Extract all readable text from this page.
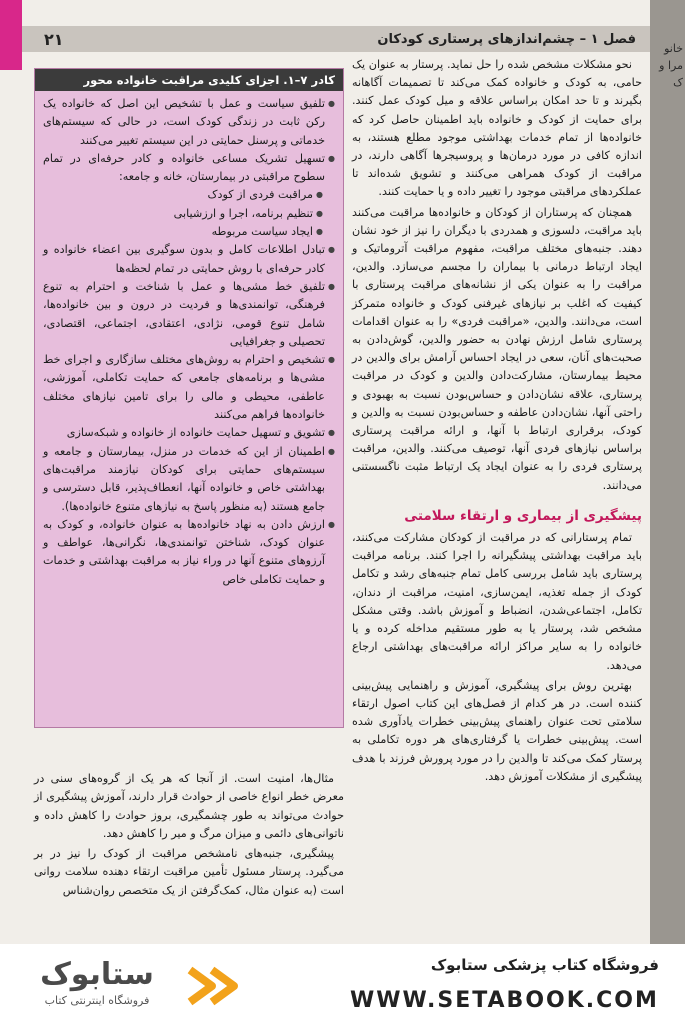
فصل ۱ – چشم‌اندازهای پرستاری کودکان
۲۱	خانو مرا و ک

نحو مشکلات مشخص شده را حل نماید. پرستار به عنوان یک حامی، به کودک و خانواده کمک می‌کند تا تصمیمات آگاهانه بگیرند و تا حد امکان براساس علاقه و میل کودک عمل کنند. برای حمایت از کودک و خانواده باید اطمینان حاصل کرد که خانواده‌ها از تمام خدمات بهداشتی موجود مطلع هستند، به اندازه کافی در مورد درمان‌ها و پروسیجرها آگاهی دارند، در مراقبت از کودک همراهی می‌کنند و تشویق شده‌اند تا عملکردهای مراقبتی موجود را تغییر داده و یا حمایت کنند.

همچنان که پرستاران از کودکان و خانواده‌ها مراقبت می‌کنند باید مراقبت، دلسوزی و همدردی با دیگران را نیز از خود نشان دهند. جنبه‌های مختلف مراقبت، مفهوم مراقبت آتروماتیک و ایجاد ارتباط درمانی با بیماران را مجسم می‌سازد. والدین، مراقبت را به عنوان یکی از نشانه‌های مراقبت پرستاری با کیفیت که اغلب بر نیازهای غیرفنی کودک و خانواده متمرکز است، می‌دانند. والدین، «مراقبت فردی» را به عنوان اقدامات پرستاری شامل ارزش نهادن به حضور والدین، گوش‌دادن به صحبت‌های آنان، سعی در ایجاد احساس آرامش برای والدین در محیط بیمارستان، مشارکت‌دادن والدین و کودک در مراقبت پرستاری، علاقه نشان‌دادن و حساس‌بودن نسبت به بهبودی و راحتی آنها، نشان‌دادن عاطفه و حساس‌بودن نسبت به والدین و کودک، برقراری ارتباط با آنها، و ارائه مراقبت پرستاری براساس نیازهای فردی آنها، توصیف می‌کنند. والدین، مراقبت پرستاری فردی را به عنوان ایجاد یک ارتباط مثبت ناگسستنی می‌دانند.

پیشگیری از بیماری و ارتقاء سلامتی

تمام پرستارانی که در مراقبت از کودکان مشارکت می‌کنند، باید مراقبت بهداشتی پیشگیرانه را اجرا کنند. برنامه مراقبت پرستاری باید شامل بررسی کامل تمام جنبه‌های رشد و تکامل کودک از جمله تغذیه، ایمن‌سازی، امنیت، مراقبت از دندان، تکامل، اجتماعی‌شدن، انضباط و آموزش باشد. وقتی مشکل مشخص شد، پرستار یا به طور مستقیم مداخله کرده و یا خانواده را به سایر مراکز ارائه مراقبت‌های بهداشتی ارجاع می‌دهد.

بهترین روش برای پیشگیری، آموزش و راهنمایی پیش‌بینی کننده است. در هر کدام از فصل‌های این کتاب اصول ارتقاء سلامتی تحت عنوان راهنمای پیش‌بینی خطرات یادآوری شده است. پیش‌بینی خطرات یا گرفتاری‌های هر دوره تکاملی به پرستار کمک می‌کند تا والدین را در مورد پرورش فرزند با هدف پیشگیری از مشکلات آموزش دهد.

کادر ۷–۱. اجزای کلیدی مراقبت خانواده محور
● تلفیق سیاست و عمل با تشخیص این اصل که خانواده یک رکن ثابت در زندگی کودک است، در حالی که سیستم‌های خدماتی و پرسنل حمایتی در این سیستم تغییر می‌کنند
● تسهیل تشریک مساعی خانواده و کادر حرفه‌ای در تمام سطوح مراقبتی در بیمارستان، خانه و جامعه:
● مراقبت فردی از کودک
● تنظیم برنامه، اجرا و ارزشیابی
● ایجاد سیاست مربوطه
● تبادل اطلاعات کامل و بدون سوگیری بین اعضاء خانواده و کادر حرفه‌ای با روش حمایتی در تمام لحظه‌ها
● تلفیق خط مشی‌ها و عمل با شناخت و احترام به تنوع فرهنگی، توانمندی‌ها و فردیت در درون و بین خانواده‌ها، شامل تنوع قومی، نژادی، اعتقادی، اجتماعی، اقتصادی، تحصیلی و جغرافیایی
● تشخیص و احترام به روش‌های مختلف سازگاری و اجرای خط مشی‌ها و برنامه‌های جامعی که حمایت تکاملی، آموزشی، عاطفی، محیطی و مالی را برای تامین نیازهای مختلف خانواده‌ها فراهم می‌کنند
● تشویق و تسهیل حمایت خانواده از خانواده و شبکه‌سازی
● اطمینان از این که خدمات در منزل، بیمارستان و جامعه و سیستم‌های حمایتی برای کودکان نیازمند مراقبت‌های بهداشتی خاص و خانواده آنها، انعطاف‌پذیر، قابل دسترسی و جامع هستند (به منظور پاسخ به نیازهای متنوع خانواده‌ها).
● ارزش دادن به نهاد خانواده‌ها به عنوان خانواده، و کودک به عنوان کودک، شناختن توانمندی‌ها، نگرانی‌ها، عواطف و آرزوهای متنوع آنها در وراء نیاز به مراقبت بهداشتی و خدمات و حمایت تکاملی خاص

مثال‌ها، امنیت است. از آنجا که هر یک از گروه‌های سنی در معرض خطر انواع خاصی از حوادث قرار دارند، آموزش پیشگیری از حوادث می‌تواند به طور چشمگیری، بروز حوادث را کاهش داده و ناتوانی‌های دائمی و میزان مرگ و میر را کاهش دهد.

پیشگیری، جنبه‌های نامشخص مراقبت از کودک را نیز در بر می‌گیرد. پرستار مسئول تأمین مراقبت ارتقاء دهنده سلامت روانی است (به عنوان مثال، کمک‌گرفتن از یک متخصص روان‌شناس

فروشگاه کتاب پزشکی ستابوک
WWW.SETABOOK.COM
ستابوک
فروشگاه اینترنتی کتاب
